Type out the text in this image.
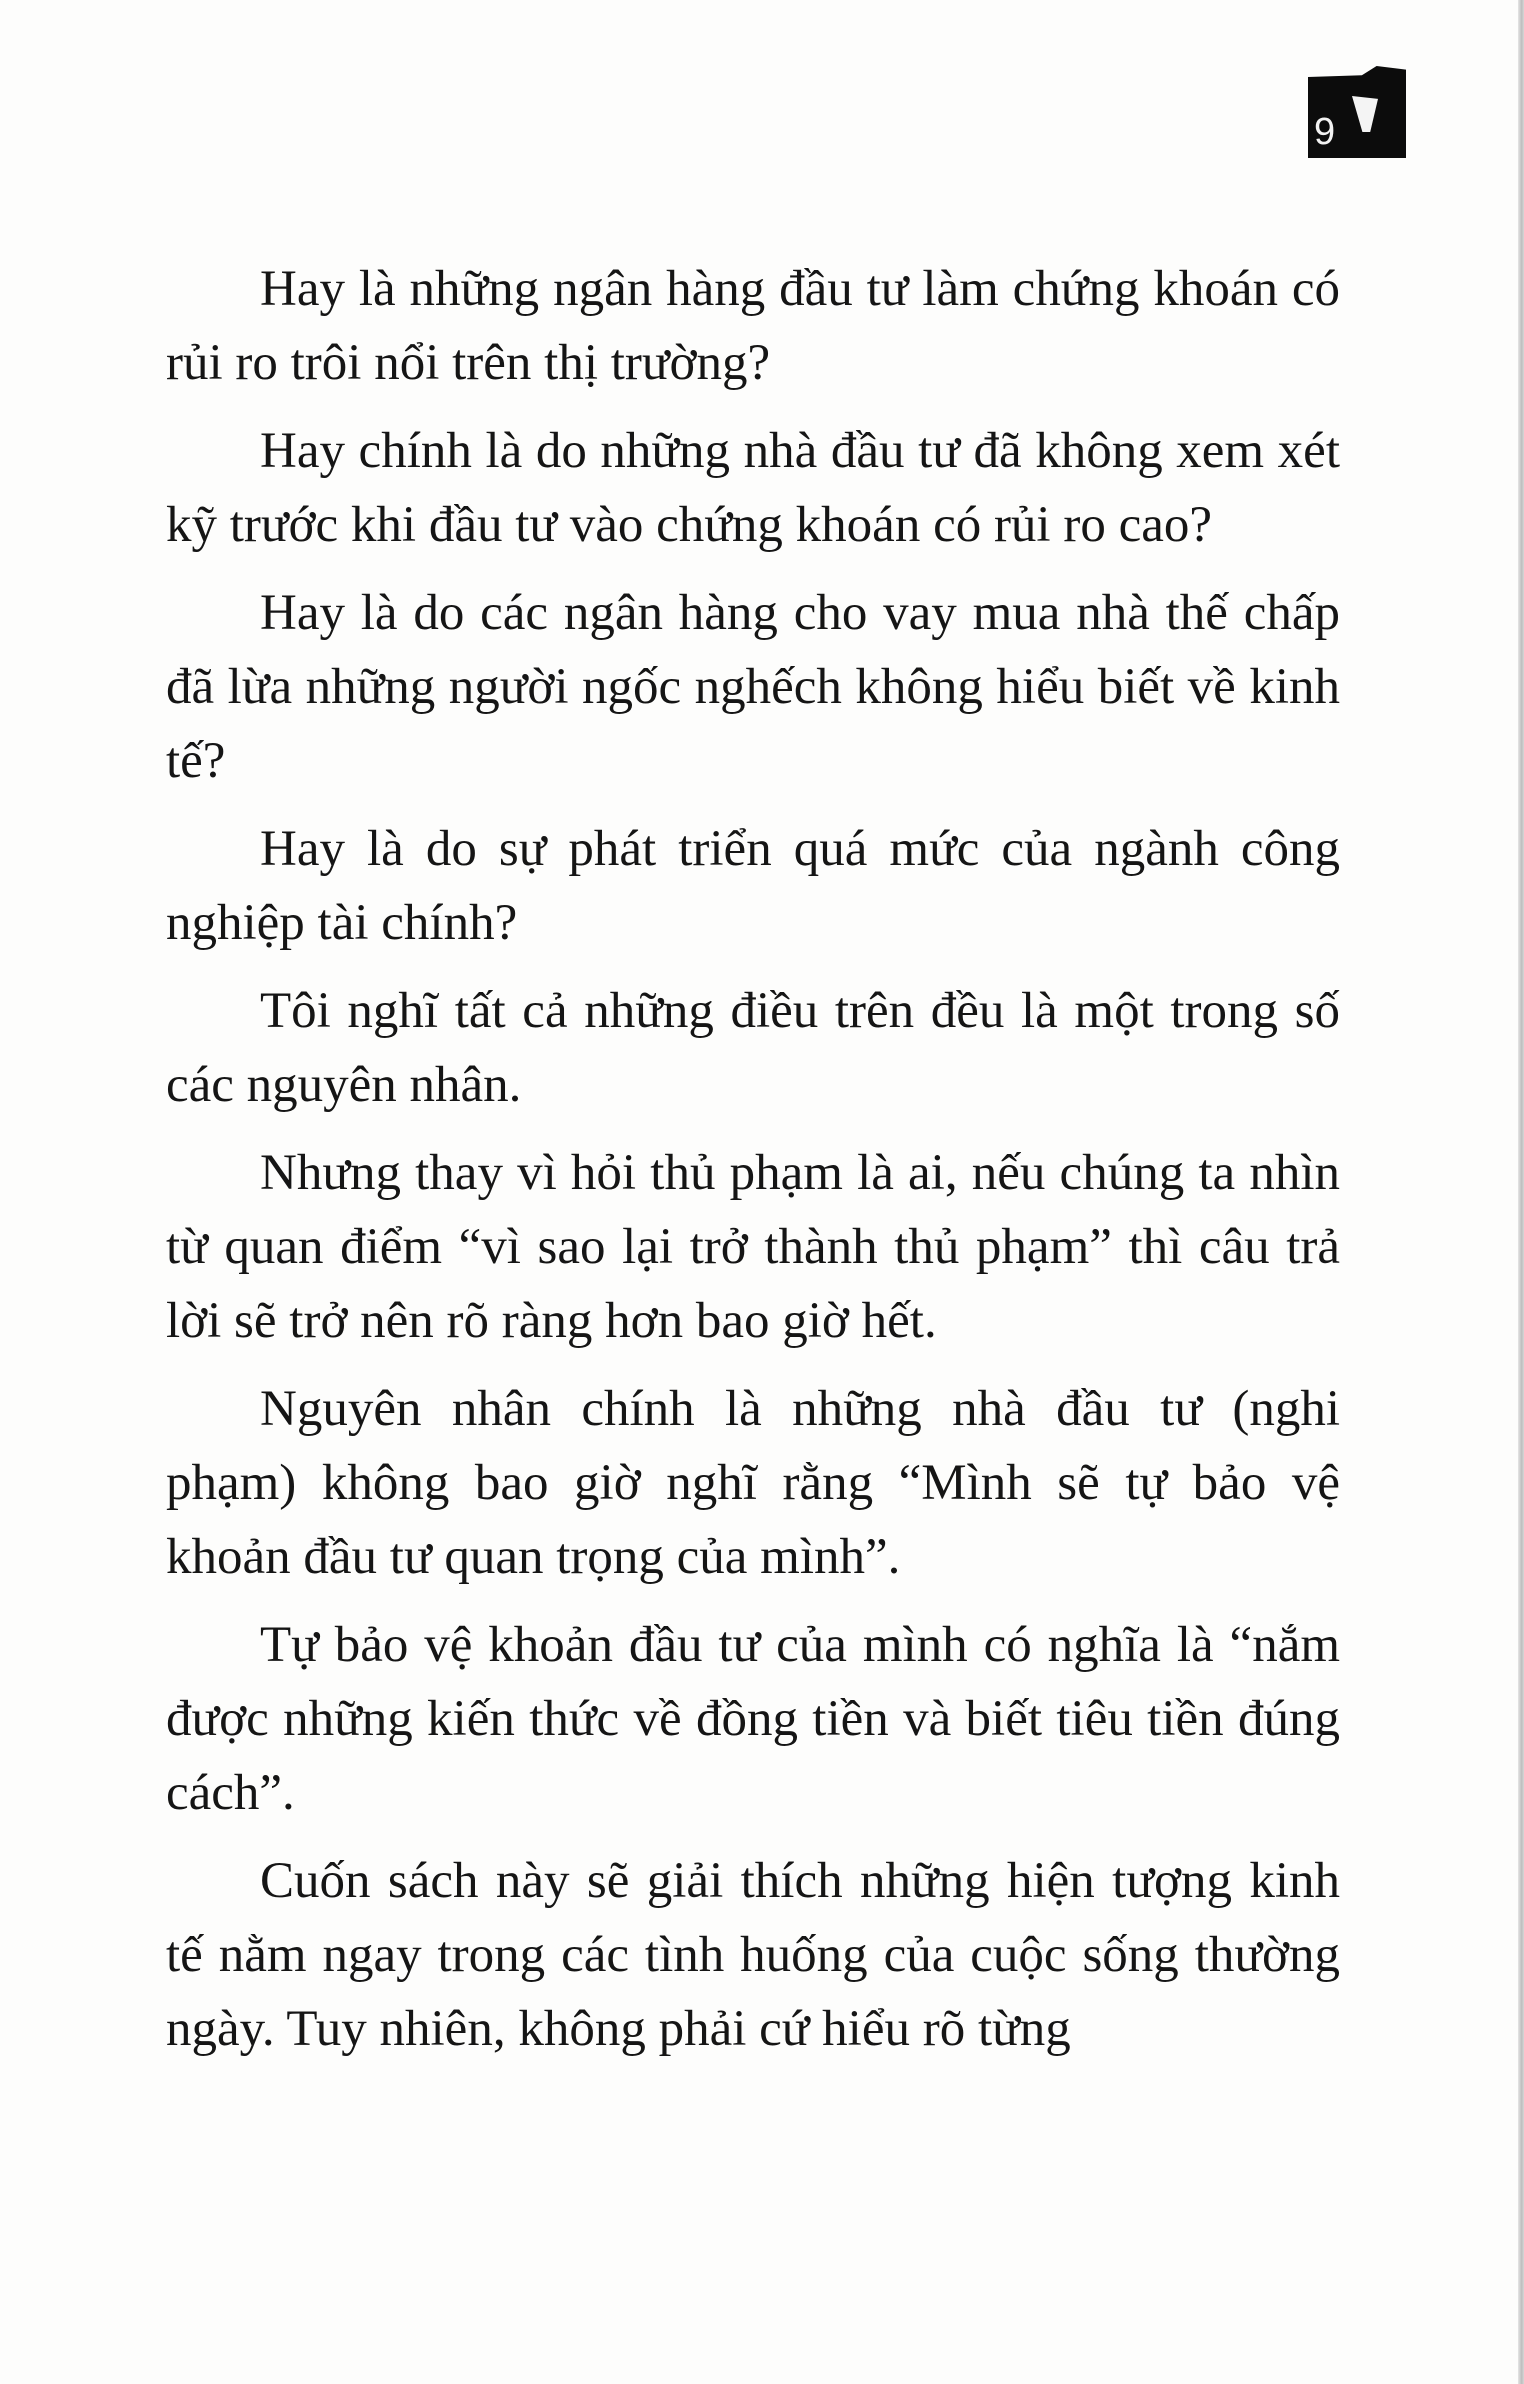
9

Hay là những ngân hàng đầu tư làm chứng khoán có rủi ro trôi nổi trên thị trường?

Hay chính là do những nhà đầu tư đã không xem xét kỹ trước khi đầu tư vào chứng khoán có rủi ro cao?

Hay là do các ngân hàng cho vay mua nhà thế chấp đã lừa những người ngốc nghếch không hiểu biết về kinh tế?

Hay là do sự phát triển quá mức của ngành công nghiệp tài chính?

Tôi nghĩ tất cả những điều trên đều là một trong số các nguyên nhân.

Nhưng thay vì hỏi thủ phạm là ai, nếu chúng ta nhìn từ quan điểm “vì sao lại trở thành thủ phạm” thì câu trả lời sẽ trở nên rõ ràng hơn bao giờ hết.

Nguyên nhân chính là những nhà đầu tư (nghi phạm) không bao giờ nghĩ rằng “Mình sẽ tự bảo vệ khoản đầu tư quan trọng của mình”.

Tự bảo vệ khoản đầu tư của mình có nghĩa là “nắm được những kiến thức về đồng tiền và biết tiêu tiền đúng cách”.

Cuốn sách này sẽ giải thích những hiện tượng kinh tế nằm ngay trong các tình huống của cuộc sống thường ngày. Tuy nhiên, không phải cứ hiểu rõ từng
